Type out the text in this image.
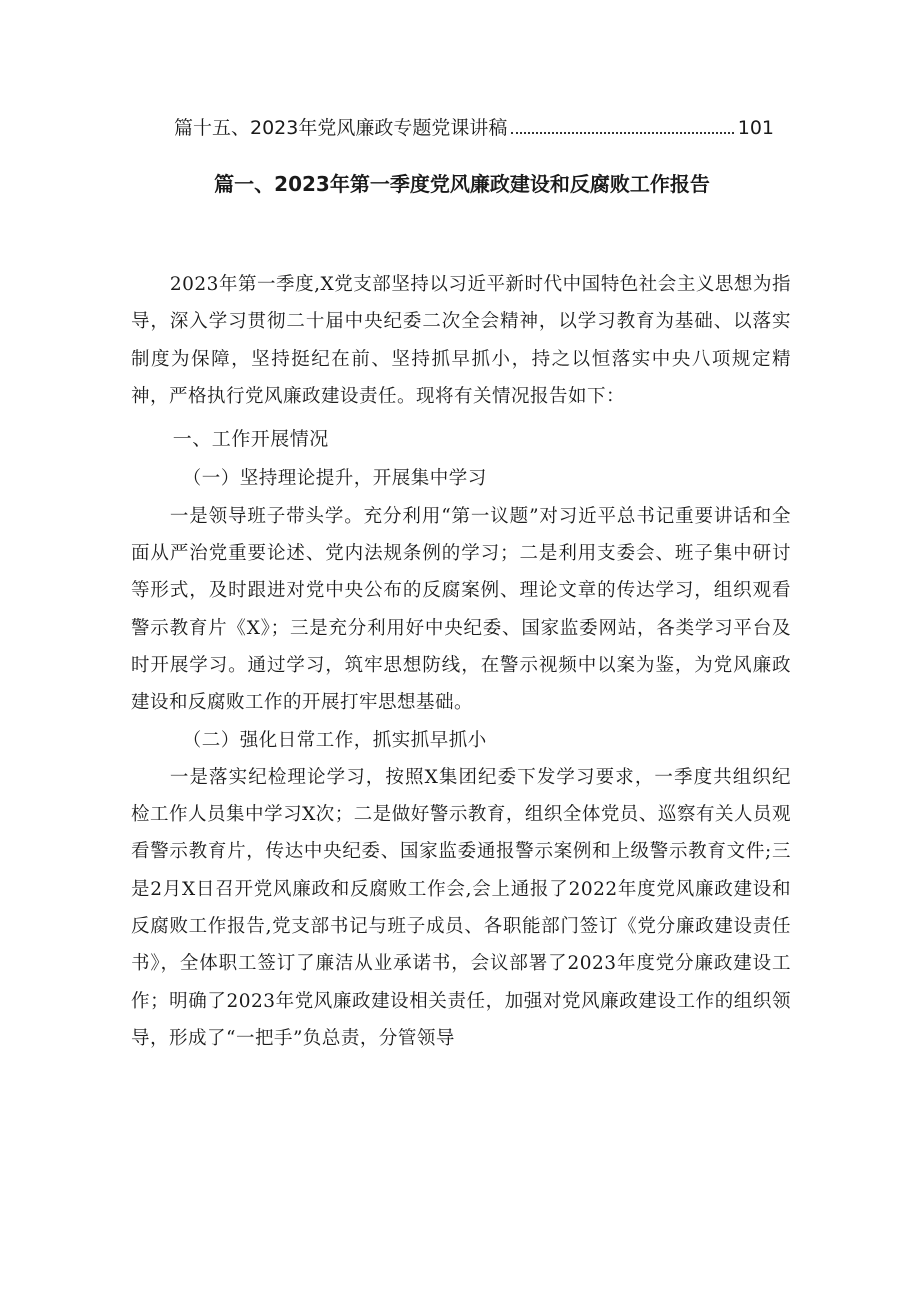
篇十五、2023年党风廉政专题党课讲稿	101
篇一、2023年第一季度党风廉政建设和反腐败工作报告

2023年第一季度,X党支部坚持以习近平新时代中国特色社会主义思想为指导，深入学习贯彻二十届中央纪委二次全会精神，以学习教育为基础、以落实制度为保障，坚持挺纪在前、坚持抓早抓小，持之以恒落实中央八项规定精神，严格执行党风廉政建设责任。现将有关情况报告如下：

一、工作开展情况

（一）坚持理论提升，开展集中学习

一是领导班子带头学。充分利用“第一议题”对习近平总书记重要讲话和全面从严治党重要论述、党内法规条例的学习；二是利用支委会、班子集中研讨等形式，及时跟进对党中央公布的反腐案例、理论文章的传达学习，组织观看警示教育片《X》；三是充分利用好中央纪委、国家监委网站，各类学习平台及时开展学习。通过学习，筑牢思想防线，在警示视频中以案为鉴，为党风廉政建设和反腐败工作的开展打牢思想基础。

（二）强化日常工作，抓实抓早抓小

一是落实纪检理论学习，按照X集团纪委下发学习要求，一季度共组织纪检工作人员集中学习X次；二是做好警示教育，组织全体党员、巡察有关人员观看警示教育片，传达中央纪委、国家监委通报警示案例和上级警示教育文件;三是2月X日召开党风廉政和反腐败工作会,会上通报了2022年度党风廉政建设和反腐败工作报告,党支部书记与班子成员、各职能部门签订《党分廉政建设责任书》，全体职工签订了廉洁从业承诺书，会议部署了2023年度党分廉政建设工作；明确了2023年党风廉政建设相关责任，加强对党风廉政建设工作的组织领导，形成了“一把手”负总责，分管领导
